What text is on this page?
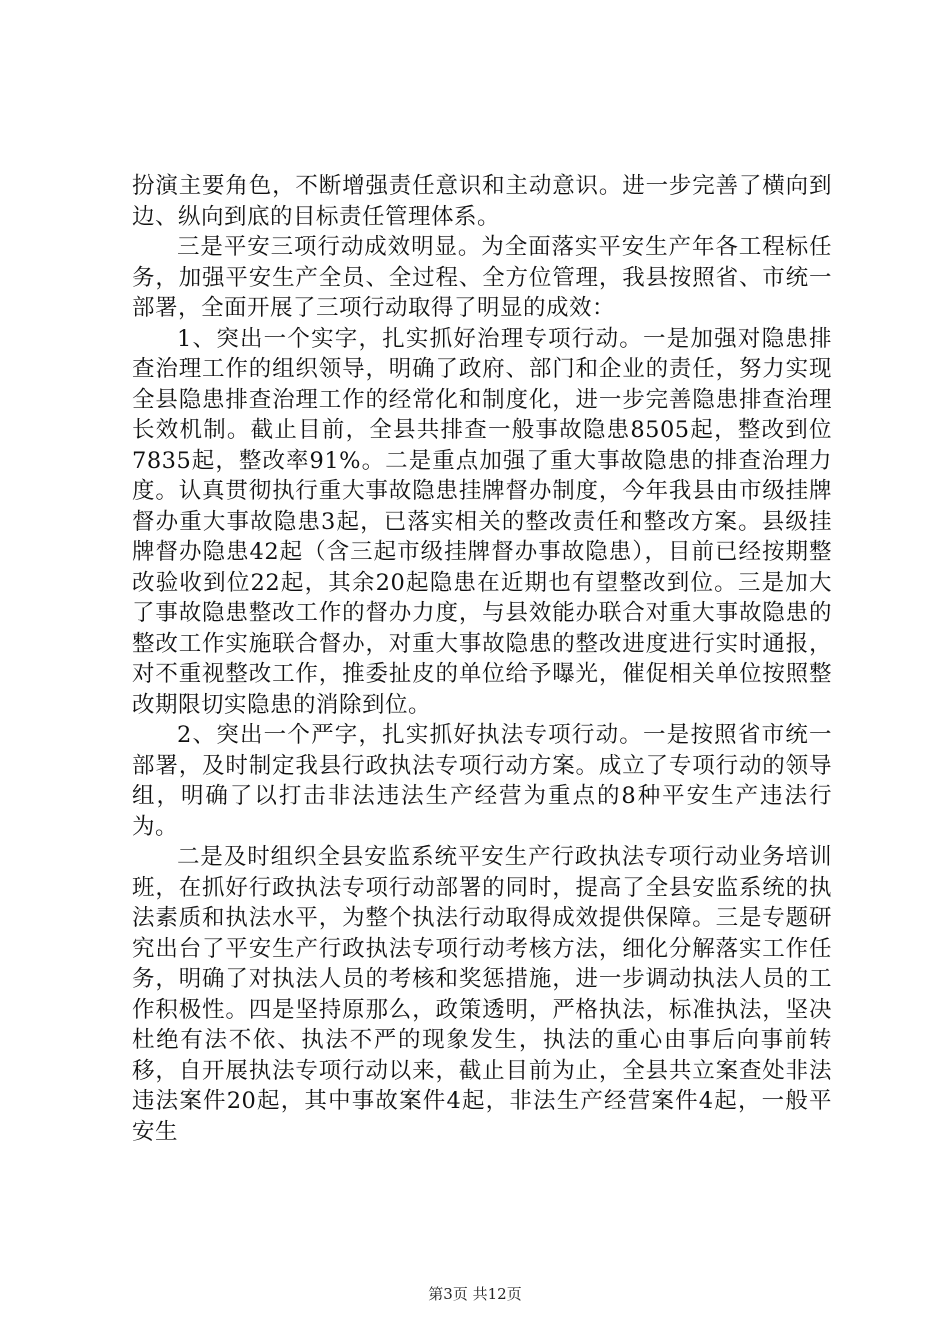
扮演主要角色，不断增强责任意识和主动意识。进一步完善了横向到边、纵向到底的目标责任管理体系。

三是平安三项行动成效明显。为全面落实平安生产年各工程标任务，加强平安生产全员、全过程、全方位管理，我县按照省、市统一部署，全面开展了三项行动取得了明显的成效：

1、突出一个实字，扎实抓好治理专项行动。一是加强对隐患排查治理工作的组织领导，明确了政府、部门和企业的责任，努力实现全县隐患排查治理工作的经常化和制度化，进一步完善隐患排查治理长效机制。截止目前，全县共排查一般事故隐患8505起，整改到位7835起，整改率91%。二是重点加强了重大事故隐患的排查治理力度。认真贯彻执行重大事故隐患挂牌督办制度，今年我县由市级挂牌督办重大事故隐患3起，已落实相关的整改责任和整改方案。县级挂牌督办隐患42起（含三起市级挂牌督办事故隐患），目前已经按期整改验收到位22起，其余20起隐患在近期也有望整改到位。三是加大了事故隐患整改工作的督办力度，与县效能办联合对重大事故隐患的整改工作实施联合督办，对重大事故隐患的整改进度进行实时通报，对不重视整改工作，推委扯皮的单位给予曝光，催促相关单位按照整改期限切实隐患的消除到位。

2、突出一个严字，扎实抓好执法专项行动。一是按照省市统一部署，及时制定我县行政执法专项行动方案。成立了专项行动的领导组，明确了以打击非法违法生产经营为重点的8种平安生产违法行为。

二是及时组织全县安监系统平安生产行政执法专项行动业务培训班，在抓好行政执法专项行动部署的同时，提高了全县安监系统的执法素质和执法水平，为整个执法行动取得成效提供保障。三是专题研究出台了平安生产行政执法专项行动考核方法，细化分解落实工作任务，明确了对执法人员的考核和奖惩措施，进一步调动执法人员的工作积极性。四是坚持原那么，政策透明，严格执法，标准执法，坚决杜绝有法不依、执法不严的现象发生，执法的重心由事后向事前转移，自开展执法专项行动以来，截止目前为止，全县共立案查处非法违法案件20起，其中事故案件4起，非法生产经营案件4起，一般平安生

第3页 共12页
